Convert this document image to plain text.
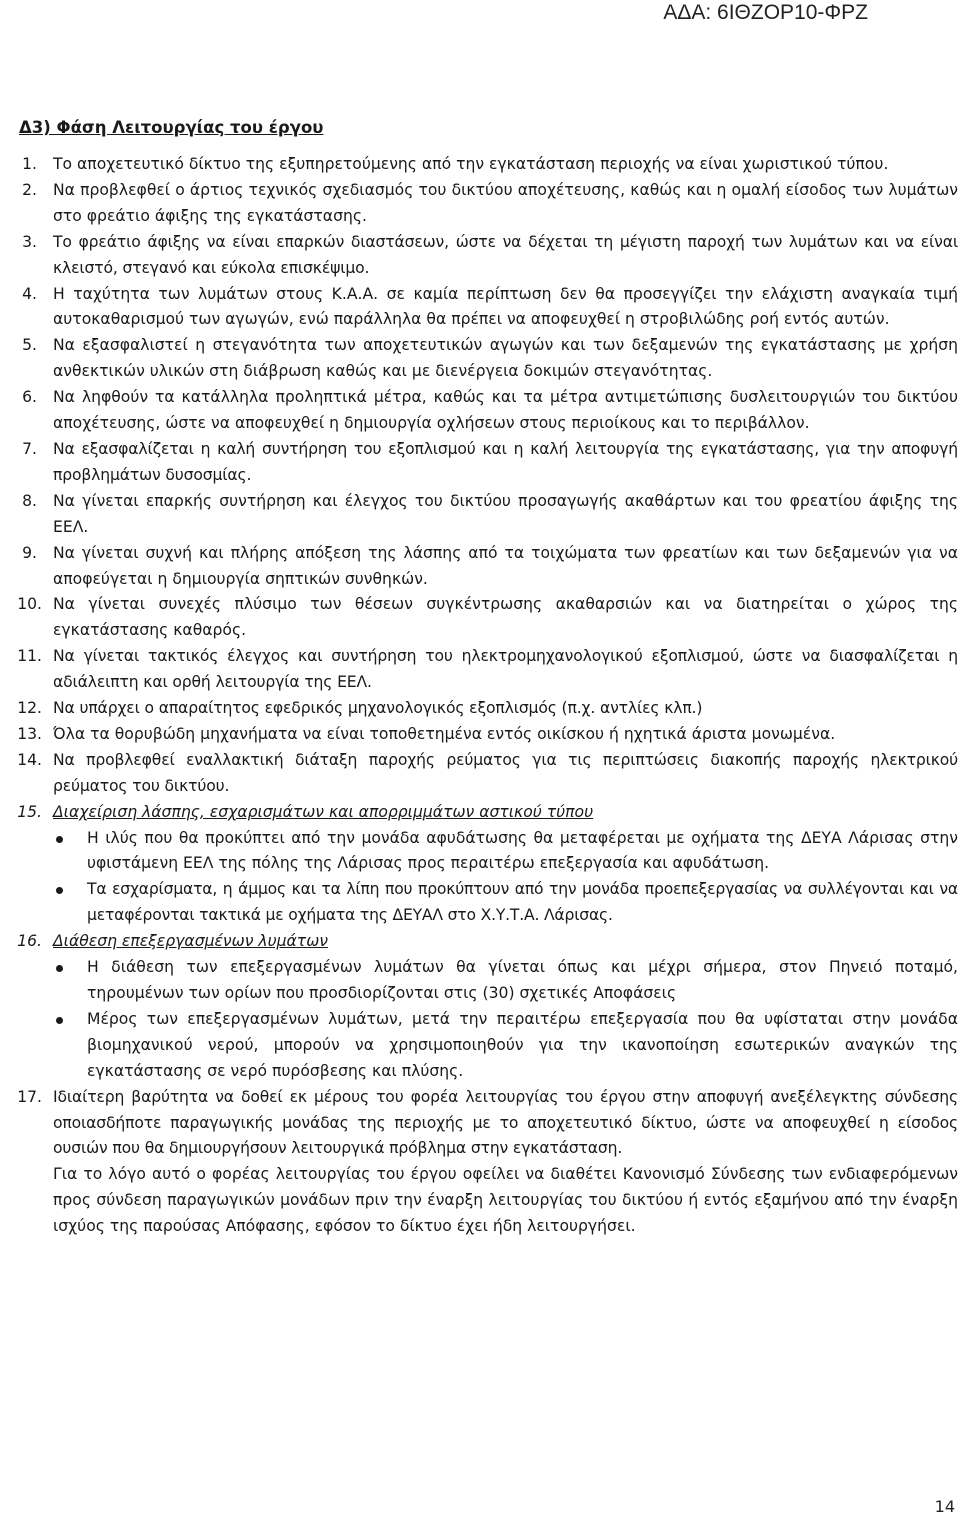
ΑΔΑ: 6ΙΘΖΟΡ10-ΦΡΖ
Δ3) Φάση Λειτουργίας του έργου
1. Το αποχετευτικό δίκτυο της εξυπηρετούμενης από την εγκατάσταση περιοχής να είναι χωριστικού τύπου.
2. Να προβλεφθεί ο άρτιος τεχνικός σχεδιασμός του δικτύου αποχέτευσης, καθώς και η ομαλή είσοδος των λυμάτων στο φρεάτιο άφιξης της εγκατάστασης.
3. Το φρεάτιο άφιξης να είναι επαρκών διαστάσεων, ώστε να δέχεται τη μέγιστη παροχή των λυμάτων και να είναι κλειστό, στεγανό και εύκολα επισκέψιμο.
4. Η ταχύτητα των λυμάτων στους Κ.Α.Α. σε καμία περίπτωση δεν θα προσεγγίζει την ελάχιστη αναγκαία τιμή αυτοκαθαρισμού των αγωγών, ενώ παράλληλα θα πρέπει να αποφευχθεί η στροβιλώδης ροή εντός αυτών.
5. Να εξασφαλιστεί η στεγανότητα των αποχετευτικών αγωγών και των δεξαμενών της εγκατάστασης με χρήση ανθεκτικών υλικών στη διάβρωση καθώς και με διενέργεια δοκιμών στεγανότητας.
6. Να ληφθούν τα κατάλληλα προληπτικά μέτρα, καθώς και τα μέτρα αντιμετώπισης δυσλειτουργιών του δικτύου αποχέτευσης, ώστε να αποφευχθεί η δημιουργία οχλήσεων στους περιοίκους και το περιβάλλον.
7. Να εξασφαλίζεται η καλή συντήρηση του εξοπλισμού και η καλή λειτουργία της εγκατάστασης, για την αποφυγή προβλημάτων δυσοσμίας.
8. Να γίνεται επαρκής συντήρηση και έλεγχος του δικτύου προσαγωγής ακαθάρτων και του φρεατίου άφιξης της ΕΕΛ.
9. Να γίνεται συχνή και πλήρης απόξεση της λάσπης από τα τοιχώματα των φρεατίων και των δεξαμενών για να αποφεύγεται η δημιουργία σηπτικών συνθηκών.
10. Να γίνεται συνεχές πλύσιμο των θέσεων συγκέντρωσης ακαθαρσιών και να διατηρείται ο χώρος της εγκατάστασης καθαρός.
11. Να γίνεται τακτικός έλεγχος και συντήρηση του ηλεκτρομηχανολογικού εξοπλισμού, ώστε να διασφαλίζεται η αδιάλειπτη και ορθή λειτουργία της ΕΕΛ.
12. Να υπάρχει ο απαραίτητος εφεδρικός μηχανολογικός εξοπλισμός (π.χ. αντλίες κλπ.)
13. Όλα τα θορυβώδη μηχανήματα να είναι τοποθετημένα εντός οικίσκου ή ηχητικά άριστα μονωμένα.
14. Να προβλεφθεί εναλλακτική διάταξη παροχής ρεύματος για τις περιπτώσεις διακοπής παροχής ηλεκτρικού ρεύματος του δικτύου.
15. Διαχείριση λάσπης, εσχαρισμάτων και απορριμμάτων αστικού τύπου
Η ιλύς που θα προκύπτει από την μονάδα αφυδάτωσης θα μεταφέρεται με οχήματα της ΔΕΥΑ Λάρισας στην υφιστάμενη ΕΕΛ της πόλης της Λάρισας προς περαιτέρω επεξεργασία και αφυδάτωση.
Τα εσχαρίσματα, η άμμος και τα λίπη που προκύπτουν από την μονάδα προεπεξεργασίας να συλλέγονται και να μεταφέρονται τακτικά με οχήματα της ΔΕΥΑΛ στο Χ.Υ.Τ.Α. Λάρισας.
16. Διάθεση επεξεργασμένων λυμάτων
Η διάθεση των επεξεργασμένων λυμάτων θα γίνεται όπως και μέχρι σήμερα, στον Πηνειό ποταμό, τηρουμένων των ορίων που προσδιορίζονται στις (30) σχετικές Αποφάσεις
Μέρος των επεξεργασμένων λυμάτων, μετά την περαιτέρω επεξεργασία που θα υφίσταται στην μονάδα βιομηχανικού νερού, μπορούν να χρησιμοποιηθούν για την ικανοποίηση εσωτερικών αναγκών της εγκατάστασης σε νερό πυρόσβεσης και πλύσης.
17. Ιδιαίτερη βαρύτητα να δοθεί εκ μέρους του φορέα λειτουργίας του έργου στην αποφυγή ανεξέλεγκτης σύνδεσης οποιασδήποτε παραγωγικής μονάδας της περιοχής με το αποχετευτικό δίκτυο, ώστε να αποφευχθεί η είσοδος ουσιών που θα δημιουργήσουν λειτουργικά πρόβλημα στην εγκατάσταση.
Για το λόγο αυτό ο φορέας λειτουργίας του έργου οφείλει να διαθέτει Κανονισμό Σύνδεσης των ενδιαφερόμενων προς σύνδεση παραγωγικών μονάδων πριν την έναρξη λειτουργίας του δικτύου ή εντός εξαμήνου από την έναρξη ισχύος της παρούσας Απόφασης, εφόσον το δίκτυο έχει ήδη λειτουργήσει.
14
